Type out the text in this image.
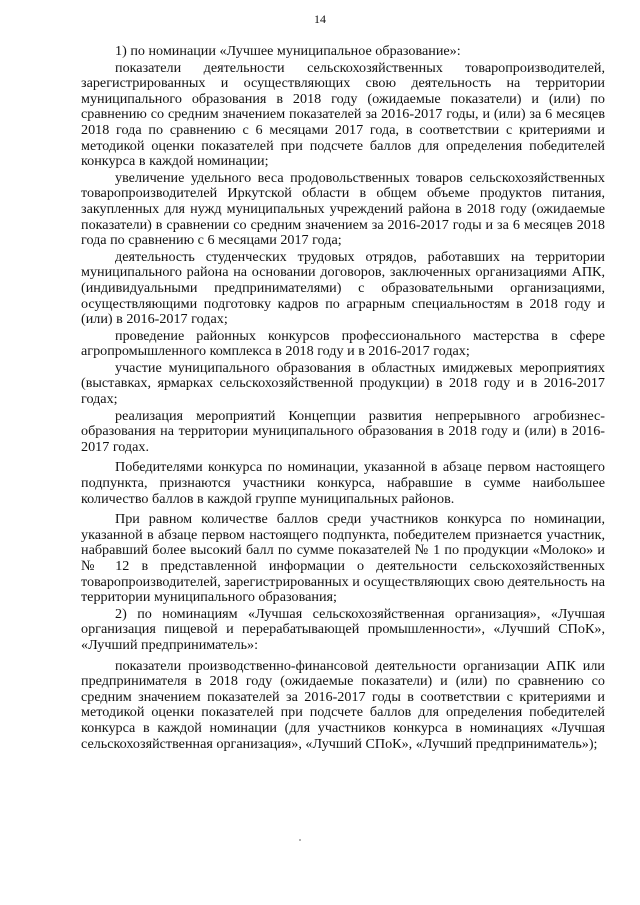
14

1) по номинации «Лучшее муниципальное образование»:

показатели деятельности сельскохозяйственных товаропроизводителей, зарегистрированных и осуществляющих свою деятельность на территории муниципального образования в 2018 году (ожидаемые показатели) и (или) по сравнению со средним значением показателей за 2016-2017 годы, и (или) за 6 месяцев 2018 года по сравнению с 6 месяцами 2017 года, в соответствии с критериями и методикой оценки показателей при подсчете баллов для определения победителей конкурса в каждой номинации;

увеличение удельного веса продовольственных товаров сельскохозяйственных товаропроизводителей Иркутской области в общем объеме продуктов питания, закупленных для нужд муниципальных учреждений района в 2018 году (ожидаемые показатели) в сравнении со средним значением за 2016-2017 годы и за 6 месяцев 2018 года по сравнению с 6 месяцами 2017 года;

деятельность студенческих трудовых отрядов, работавших на территории муниципального района на основании договоров, заключенных организациями АПК, (индивидуальными предпринимателями) с образовательными организациями, осуществляющими подготовку кадров по аграрным специальностям в 2018 году и (или) в 2016-2017 годах;

проведение районных конкурсов профессионального мастерства в сфере агропромышленного комплекса в 2018 году и в 2016-2017 годах;

участие муниципального образования в областных имиджевых мероприятиях (выставках, ярмарках сельскохозяйственной продукции) в 2018 году и в 2016-2017 годах;

реализация мероприятий Концепции развития непрерывного агробизнес-образования на территории муниципального образования в 2018 году и (или) в 2016-2017 годах.

Победителями конкурса по номинации, указанной в абзаце первом настоящего подпункта, признаются участники конкурса, набравшие в сумме наибольшее количество баллов в каждой группе муниципальных районов.

При равном количестве баллов среди участников конкурса по номинации, указанной в абзаце первом настоящего подпункта, победителем признается участник, набравший более высокий балл по сумме показателей № 1 по продукции «Молоко» и № 12 в представленной информации о деятельности сельскохозяйственных товаропроизводителей, зарегистрированных и осуществляющих свою деятельность на территории муниципального образования;

2) по номинациям «Лучшая сельскохозяйственная организация», «Лучшая организация пищевой и перерабатывающей промышленности», «Лучший СПоК», «Лучший предприниматель»:

показатели производственно-финансовой деятельности организации АПК или предпринимателя в 2018 году (ожидаемые показатели) и (или) по сравнению со средним значением показателей за 2016-2017 годы в соответствии с критериями и методикой оценки показателей при подсчете баллов для определения победителей конкурса в каждой номинации (для участников конкурса в номинациях «Лучшая сельскохозяйственная организация», «Лучший СПоК», «Лучший предприниматель»);
